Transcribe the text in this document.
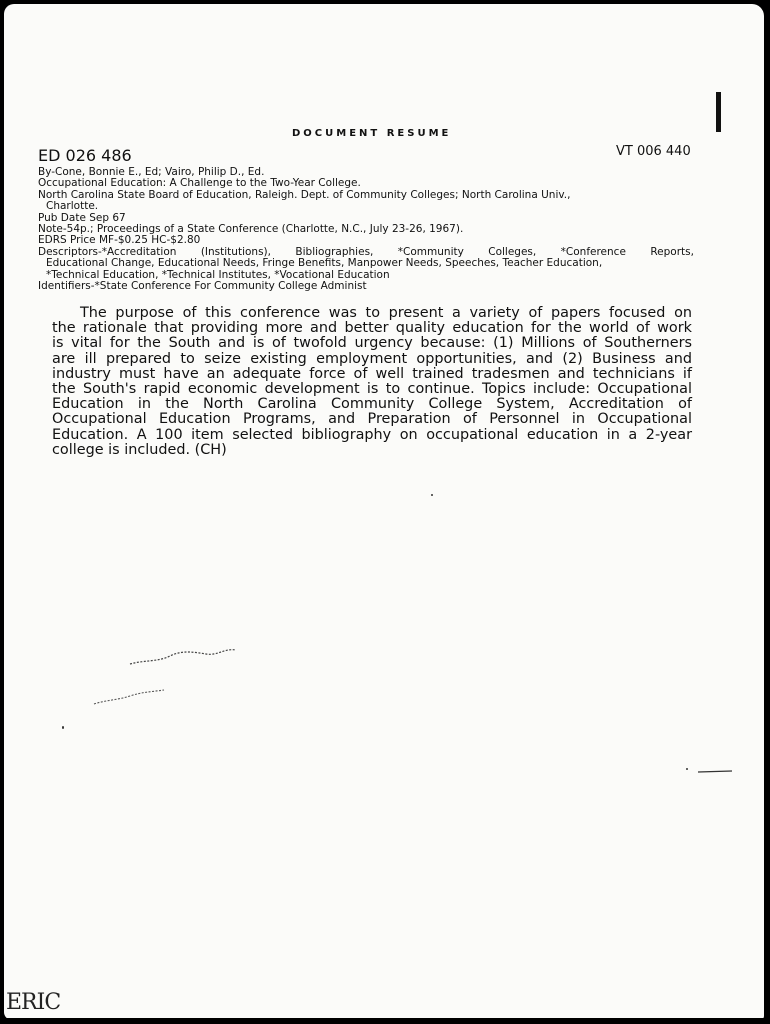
DOCUMENT RESUME
ED 026 486	VT 006 440
By-Cone, Bonnie E., Ed; Vairo, Philip D., Ed.
Occupational Education: A Challenge to the Two-Year College.
North Carolina State Board of Education, Raleigh. Dept. of Community Colleges; North Carolina Univ.,
Charlotte.
Pub Date Sep 67
Note-54p.; Proceedings of a State Conference (Charlotte, N.C., July 23-26, 1967).
EDRS Price MF-$0.25 HC-$2.80
Descriptors-*Accreditation (Institutions), Bibliographies, *Community Colleges, *Conference Reports,
Educational Change, Educational Needs, Fringe Benefits, Manpower Needs, Speeches, Teacher Education,
*Technical Education, *Technical Institutes, *Vocational Education
Identifiers-*State Conference For Community College Administ
The purpose of this conference was to present a variety of papers focused on
the rationale that providing more and better quality education for the world of work
is vital for the South and is of twofold urgency because: (1) Millions of Southerners
are ill prepared to seize existing employment opportunities, and (2) Business and
industry must have an adequate force of well trained tradesmen and technicians if
the South's rapid economic development is to continue. Topics include: Occupational
Education in the North Carolina Community College System, Accreditation of
Occupational Education Programs, and Preparation of Personnel in Occupational
Education. A 100 item selected bibliography on occupational education in a 2-year
college is included. (CH)
ERIC
